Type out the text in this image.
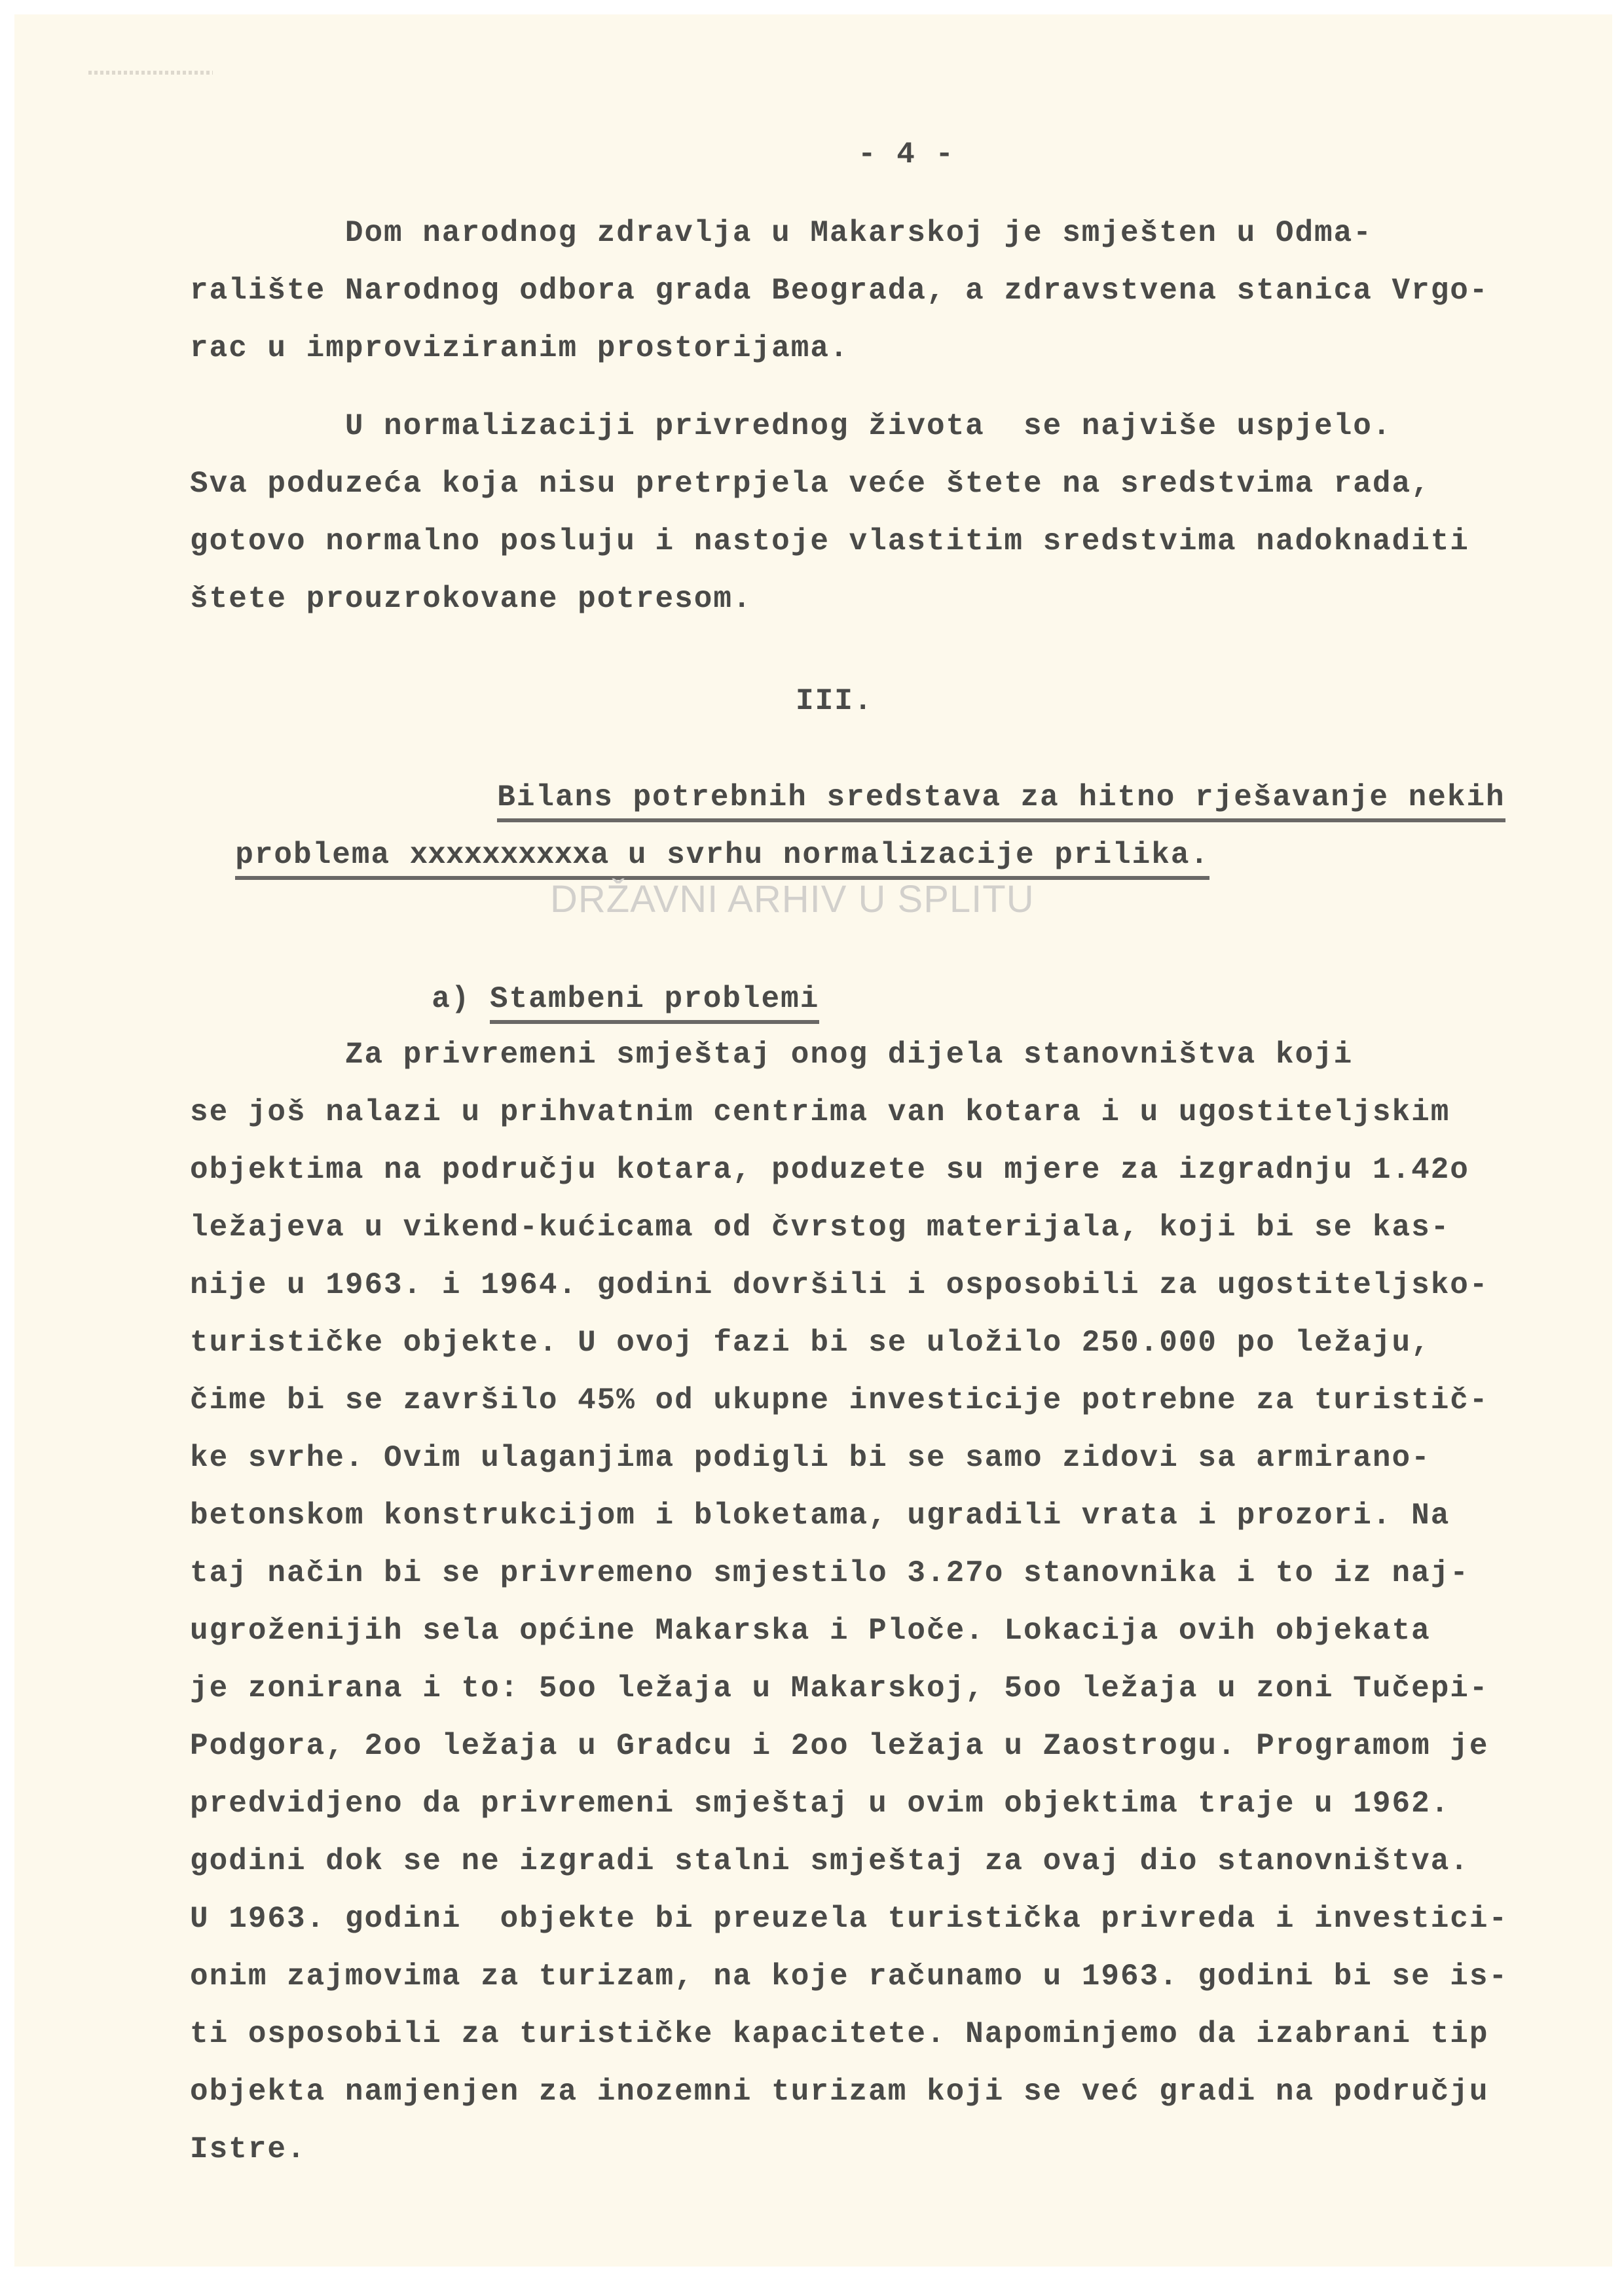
- 4 -
Dom narodnog zdravlja u Makarskoj je smješten u Odma-
ralište Narodnog odbora grada Beograda, a zdravstvena stanica Vrgo-
rac u improviziranim prostorijama.
U normalizaciji privrednog života  se najviše uspjelo.
Sva poduzeća koja nisu pretrpjela veće štete na sredstvima rada,
gotovo normalno posluju i nastoje vlastitim sredstvima nadoknaditi
štete prouzrokovane potresom.
III.

Bilans potrebnih sredstava za hitno rješavanje nekih

problema xxxxxxxxxxa u svrhu normalizacije prilika.

DRŽAVNI ARHIV U SPLITU

a) Stambeni problemi

Za privremeni smještaj onog dijela stanovništva koji
se još nalazi u prihvatnim centrima van kotara i u ugostiteljskim
objektima na području kotara, poduzete su mjere za izgradnju 1.42o
ležajeva u vikend-kućicama od čvrstog materijala, koji bi se kas-
nije u 1963. i 1964. godini dovršili i osposobili za ugostiteljsko-
turističke objekte. U ovoj fazi bi se uložilo 250.000 po ležaju,
čime bi se završilo 45% od ukupne investicije potrebne za turistič-
ke svrhe. Ovim ulaganjima podigli bi se samo zidovi sa armirano-
betonskom konstrukcijom i bloketama, ugradili vrata i prozori. Na
taj način bi se privremeno smjestilo 3.27o stanovnika i to iz naj-
ugroženijih sela općine Makarska i Ploče. Lokacija ovih objekata
je zonirana i to: 5oo ležaja u Makarskoj, 5oo ležaja u zoni Tučepi-
Podgora, 2oo ležaja u Gradcu i 2oo ležaja u Zaostrogu. Programom je
predvidjeno da privremeni smještaj u ovim objektima traje u 1962.
godini dok se ne izgradi stalni smještaj za ovaj dio stanovništva.
U 1963. godini  objekte bi preuzela turistička privreda i investici-
onim zajmovima za turizam, na koje računamo u 1963. godini bi se is-
ti osposobili za turističke kapacitete. Napominjemo da izabrani tip
objekta namjenjen za inozemni turizam koji se već gradi na području
Istre.
